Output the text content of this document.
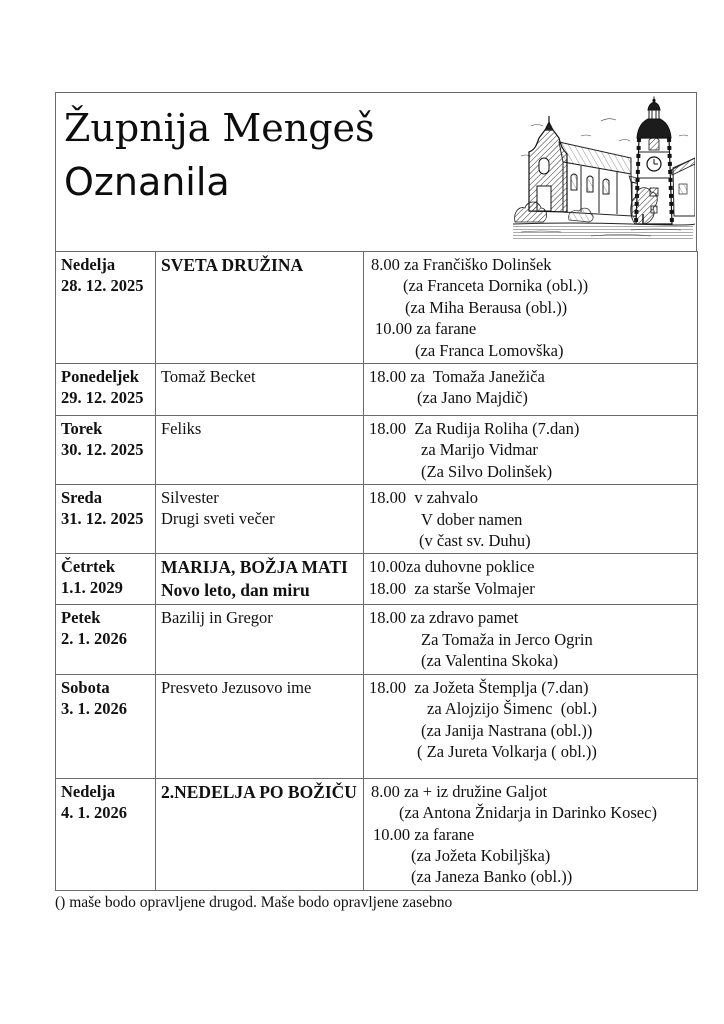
Župnija Mengeš
Oznanila
Nedelja
28. 12. 2025

SVETA DRUŽINA	8.00 za Frančiško Dolinšek
(za Franceta Dornika (obl.))
(za Miha Berausa (obl.))
10.00 za farane
(za Franca Lomovška)

Ponedeljek
29. 12. 2025

Tomaž Becket	18.00 za  Tomaža Janežiča
(za Jano Majdič)

Torek
30. 12. 2025

Feliks	18.00  Za Rudija Roliha (7.dan)
za Marijo Vidmar
(Za Silvo Dolinšek)

Sreda
31. 12. 2025

Silvester
Drugi sveti večer

18.00  v zahvalo
V dober namen
(v čast sv. Duhu)

Četrtek
1.1. 2029

MARIJA, BOŽJA MATI
Novo leto, dan miru

10.00za duhovne poklice
18.00  za starše Volmajer

Petek
2. 1. 2026

Bazilij in Gregor	18.00 za zdravo pamet
Za Tomaža in Jerco Ogrin
(za Valentina Skoka)

Sobota
3. 1. 2026

Presveto Jezusovo ime	18.00  za Jožeta Štemplja (7.dan)
za Alojzijo Šimenc  (obl.)
(za Janija Nastrana (obl.))
( Za Jureta Volkarja ( obl.))

Nedelja
4. 1. 2026

2.NEDELJA PO BOŽIČU	8.00 za + iz družine Galjot
(za Antona Žnidarja in Darinko Kosec)
10.00 za farane
(za Jožeta Kobiljška)
(za Janeza Banko (obl.))
() maše bodo opravljene drugod. Maše bodo opravljene zasebno
